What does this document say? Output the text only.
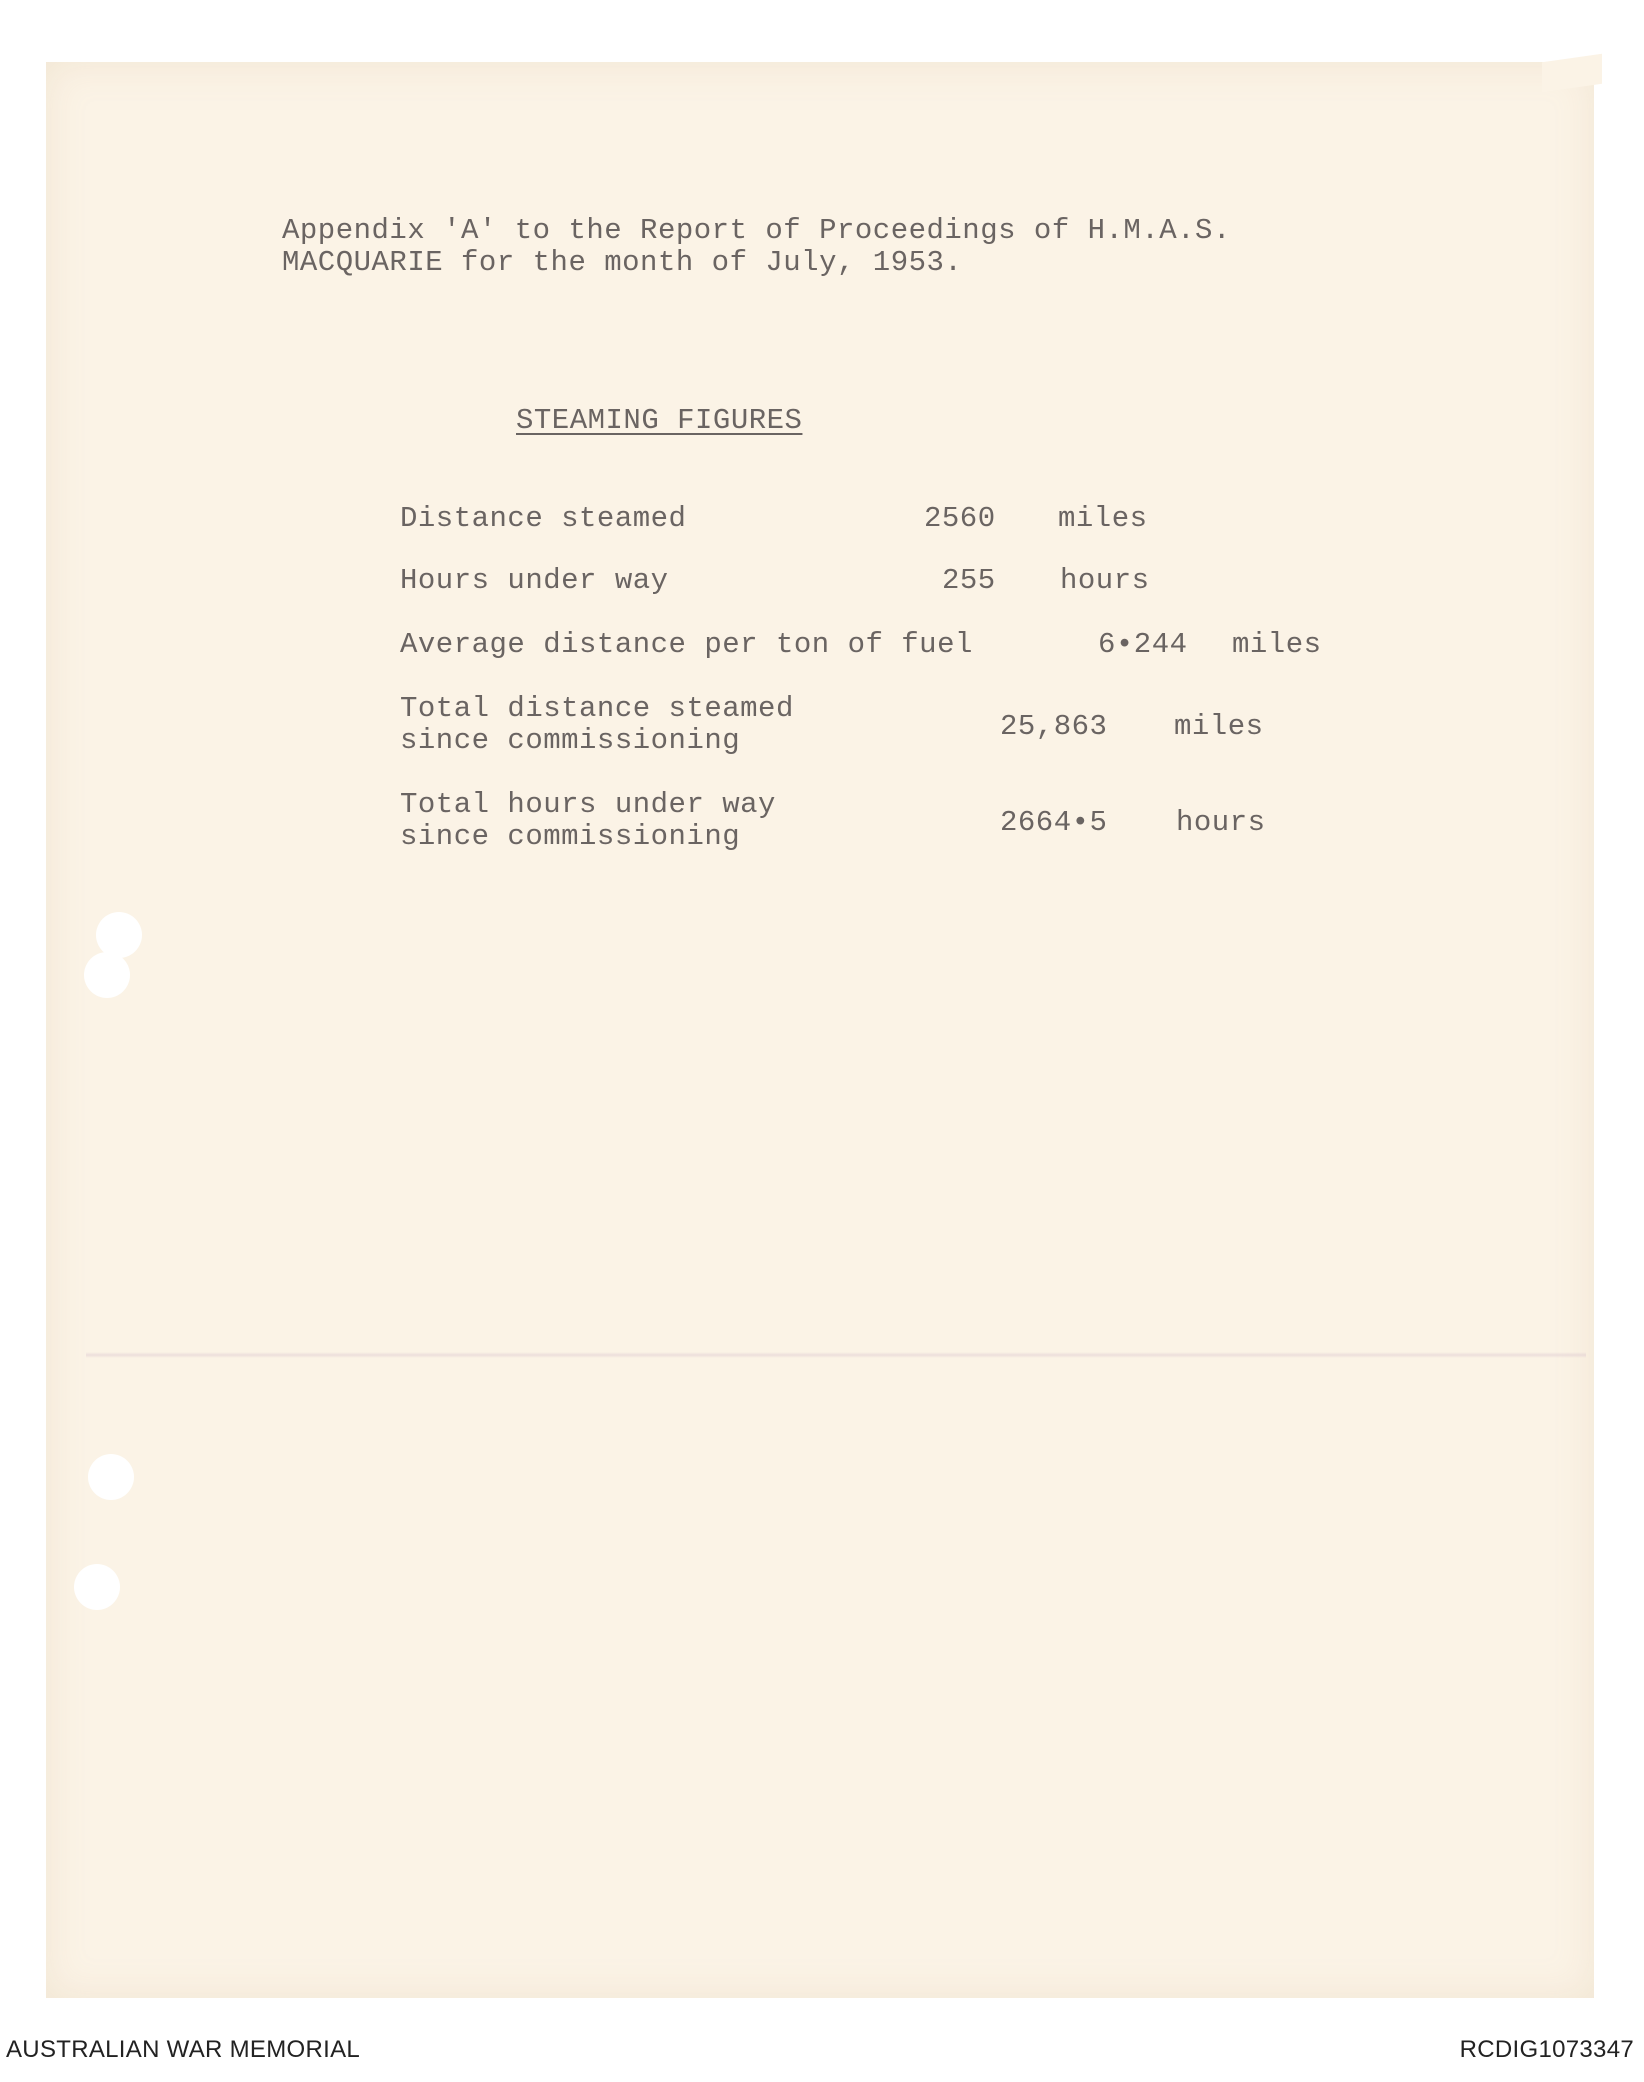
Appendix 'A' to the Report of Proceedings of H.M.A.S.
MACQUARIE for the month of July, 1953.
STEAMING FIGURES
Distance steamed	2560 miles
Hours under way	255 hours
Average distance per ton of fuel	6•244 miles
Total distance steamed
since commissioning	25,863 miles
Total hours under way
since commissioning	2664•5 hours
AUSTRALIAN WAR MEMORIAL	RCDIG1073347
